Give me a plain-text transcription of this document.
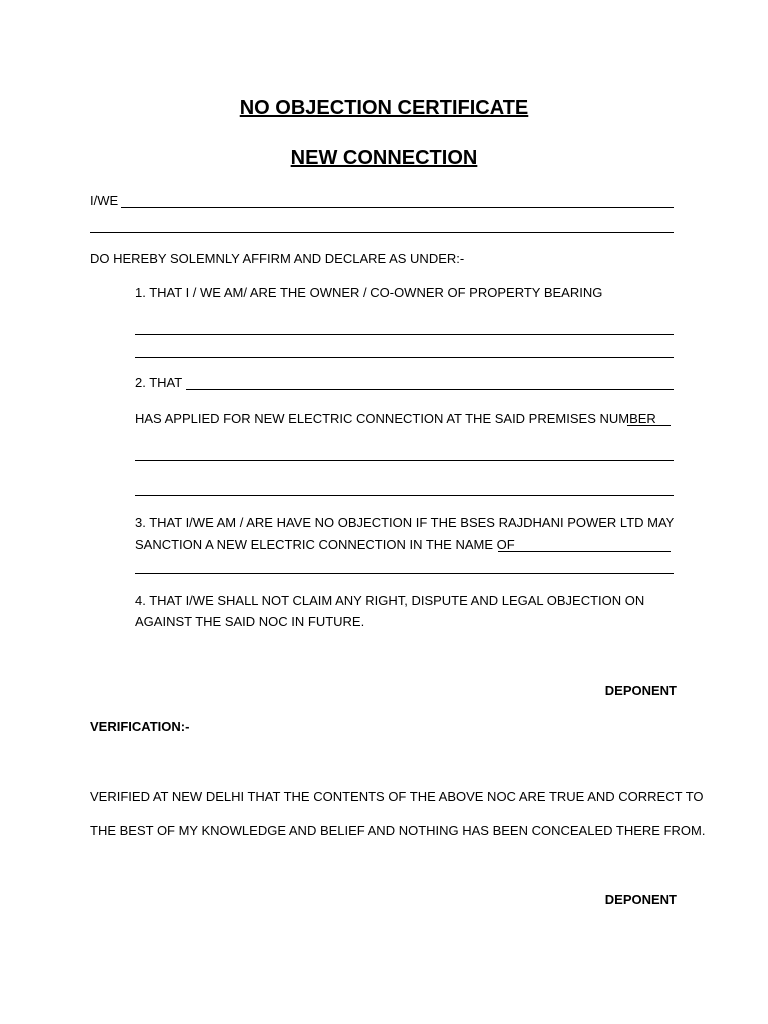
NO OBJECTION CERTIFICATE
NEW CONNECTION

I/WE

DO HEREBY SOLEMNLY AFFIRM AND DECLARE AS UNDER:-

1. THAT I / WE AM/ ARE THE OWNER / CO-OWNER OF PROPERTY BEARING

2. THAT

HAS APPLIED FOR NEW ELECTRIC CONNECTION AT THE SAID PREMISES NUMBER

3. THAT I/WE AM / ARE HAVE NO OBJECTION IF THE BSES RAJDHANI POWER LTD MAY

SANCTION A NEW ELECTRIC CONNECTION IN THE NAME OF

4. THAT I/WE SHALL NOT CLAIM ANY RIGHT, DISPUTE AND LEGAL OBJECTION ON

AGAINST THE SAID NOC IN FUTURE.

DEPONENT

VERIFICATION:-

VERIFIED AT NEW DELHI THAT THE CONTENTS OF THE ABOVE NOC ARE TRUE AND CORRECT TO

THE BEST OF MY KNOWLEDGE AND BELIEF AND NOTHING HAS BEEN CONCEALED THERE FROM.

DEPONENT
